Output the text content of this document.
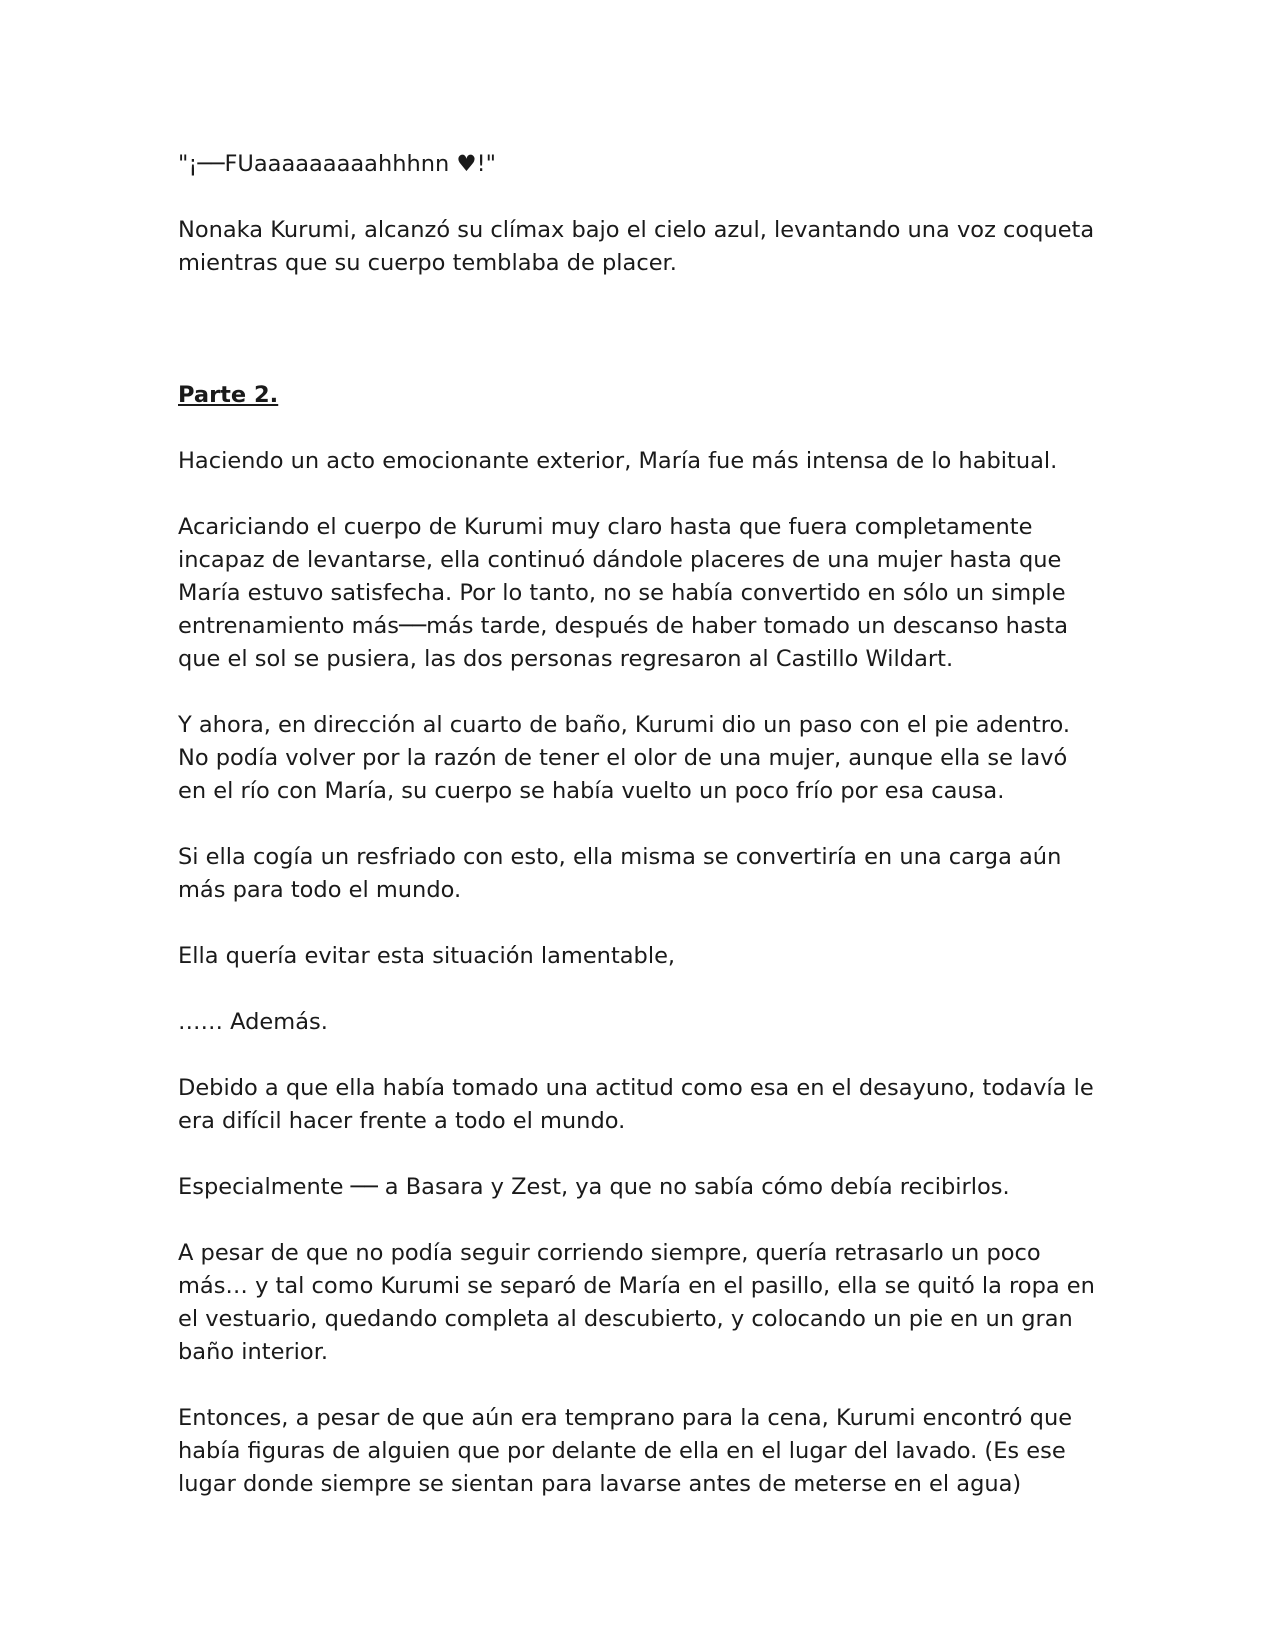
"¡──FUaaaaaaaaahhhnn ♥!"

Nonaka Kurumi, alcanzó su clímax bajo el cielo azul, levantando una voz coqueta mientras que su cuerpo temblaba de placer.

Parte 2.

Haciendo un acto emocionante exterior, María fue más intensa de lo habitual.

Acariciando el cuerpo de Kurumi muy claro hasta que fuera completamente incapaz de levantarse, ella continuó dándole placeres de una mujer hasta que María estuvo satisfecha. Por lo tanto, no se había convertido en sólo un simple entrenamiento más──más tarde, después de haber tomado un descanso hasta que el sol se pusiera, las dos personas regresaron al Castillo Wildart.

Y ahora, en dirección al cuarto de baño, Kurumi dio un paso con el pie adentro. No podía volver por la razón de tener el olor de una mujer, aunque ella se lavó en el río con María, su cuerpo se había vuelto un poco frío por esa causa.

Si ella cogía un resfriado con esto, ella misma se convertiría en una carga aún más para todo el mundo.

Ella quería evitar esta situación lamentable,

…… Además.

Debido a que ella había tomado una actitud como esa en el desayuno, todavía le era difícil hacer frente a todo el mundo.

Especialmente ── a Basara y Zest, ya que no sabía cómo debía recibirlos.

A pesar de que no podía seguir corriendo siempre, quería retrasarlo un poco más… y tal como Kurumi se separó de María en el pasillo, ella se quitó la ropa en el vestuario, quedando completa al descubierto, y colocando un pie en un gran baño interior.

Entonces, a pesar de que aún era temprano para la cena, Kurumi encontró que había figuras de alguien que por delante de ella en el lugar del lavado. (Es ese lugar donde siempre se sientan para lavarse antes de meterse en el agua)
